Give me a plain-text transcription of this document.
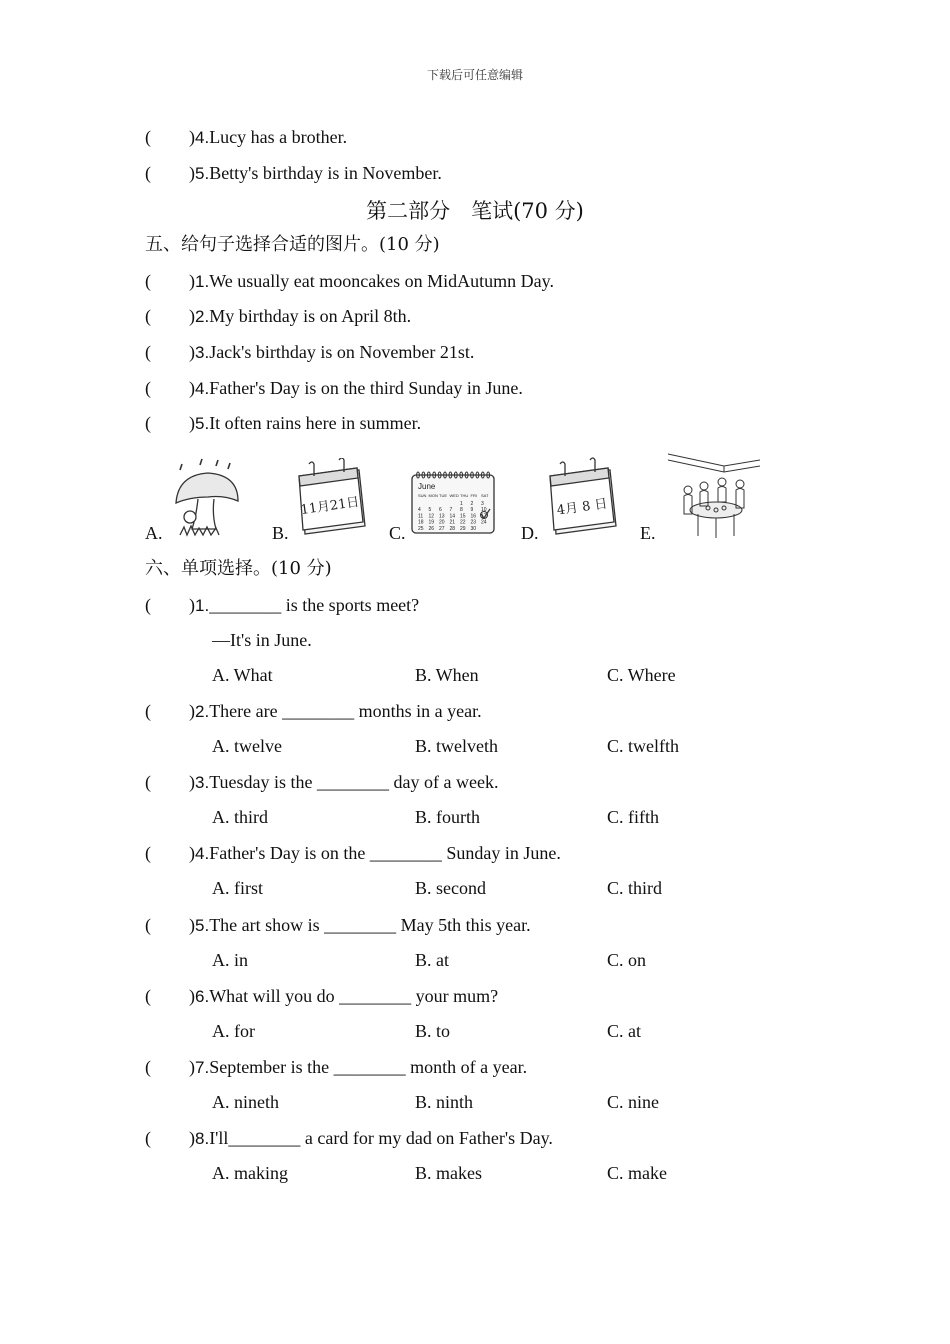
下载后可任意编辑
( )4.Lucy has a brother.
( )5.Betty's birthday is in November.
第二部分　笔试(70 分)
五、给句子选择合适的图片。(10 分)
( )1.We usually eat mooncakes on MidAutumn Day.
( )2.My birthday is on April 8th.
( )3.Jack's birthday is on November 21st.
( )4.Father's Day is on the third Sunday in June.
( )5.It often rains here in summer.
A.	B.
11月21日
C.
June
SUN MON TUE WED THU FRI SAT
1 2 3
4 5 6 7 8 9 10
11 12 13 14 15 16 17
18 19 20 21 22 23 24
25 26 27 28 29 30 D.
4月 8 日
E.
六、单项选择。(10 分)
( )1.________ is the sports meet?
—It's in June.
A. What	B. When	C. Where
( )2.There are ________ months in a year.
A. twelve	B. twelveth	C. twelfth
( )3.Tuesday is the ________ day of a week.
A. third	B. fourth	C. fifth
( )4.Father's Day is on the ________ Sunday in June.
A. first	B. second	C. third
( )5.The art show is ________ May 5th this year.
A. in	B. at	C. on
( )6.What will you do ________ your mum?
A. for	B. to	C. at
( )7.September is the ________ month of a year.
A. nineth	B. ninth	C. nine
( )8.I'll________ a card for my dad on Father's Day.
A. making	B. makes	C. make
